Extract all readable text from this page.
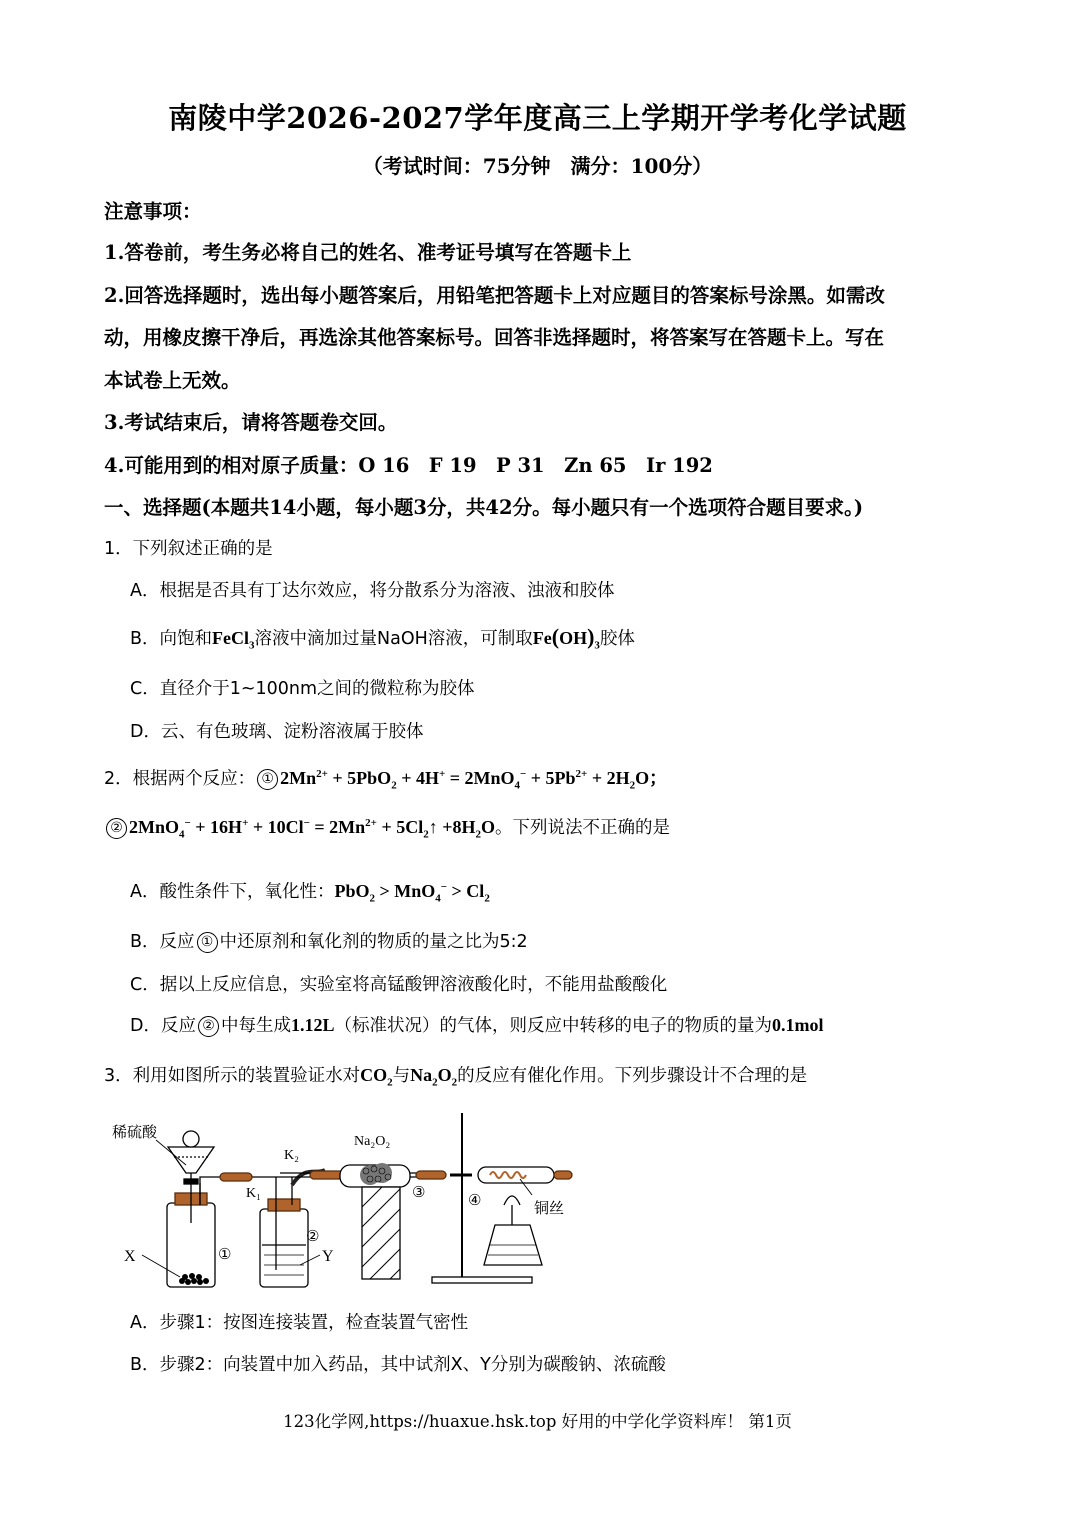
南陵中学2026-2027学年度高三上学期开学考化学试题
（考试时间：75分钟　满分：100分）
注意事项：
1.答卷前，考生务必将自己的姓名、准考证号填写在答题卡上
2.回答选择题时，选出每小题答案后，用铅笔把答题卡上对应题目的答案标号涂黑。如需改
动，用橡皮擦干净后，再选涂其他答案标号。回答非选择题时，将答案写在答题卡上。写在
本试卷上无效。
3.考试结束后，请将答题卷交回。
4.可能用到的相对原子质量：O 16　F 19　P 31　Zn 65　Ir 192
一、选择题(本题共14小题，每小题3分，共42分。每小题只有一个选项符合题目要求。)
1．下列叙述正确的是
A．根据是否具有丁达尔效应，将分散系分为溶液、浊液和胶体
B．向饱和FeCl$_3$溶液中滴加过量NaOH溶液，可制取$Fe(OH)_3$胶体
C．直径介于1~100nm之间的微粒称为胶体
D．云、有色玻璃、淀粉溶液属于胶体
2．根据两个反应： ① $2Mn^{2+} + 5PbO_2 + 4H^+ = 2MnO_4^- + 5Pb^{2+} + 2H_2O$；
② $2MnO_4^- + 16H^+ + 10Cl^- = 2Mn^{2+}$ + $5Cl_2↑ +8H_2O$。下列说法不正确的是
A．酸性条件下，氧化性：$PbO_2 > MnO_4^- > Cl_2$
B．反应 ① 中还原剂和氧化剂的物质的量之比为5:2
C．据以上反应信息，实验室将高锰酸钾溶液酸化时，不能用盐酸酸化
D．反应 ② 中每生成1.12L（标准状况）的气体，则反应中转移的电子的物质的量为0.1mol
3．利用如图所示的装置验证水对$CO_2$与$Na_2O_2$的反应有催化作用。下列步骤设计不合理的是
稀硫酸
K₂
K₁
Na₂O₂
X	Y
①
②
③	④	铜丝
A．步骤1：按图连接装置，检查装置气密性
B．步骤2：向装置中加入药品，其中试剂X、Y分别为碳酸钠、浓硫酸
123化学网,https://huaxue.hsk.top 好用的中学化学资料库！ 第1页
